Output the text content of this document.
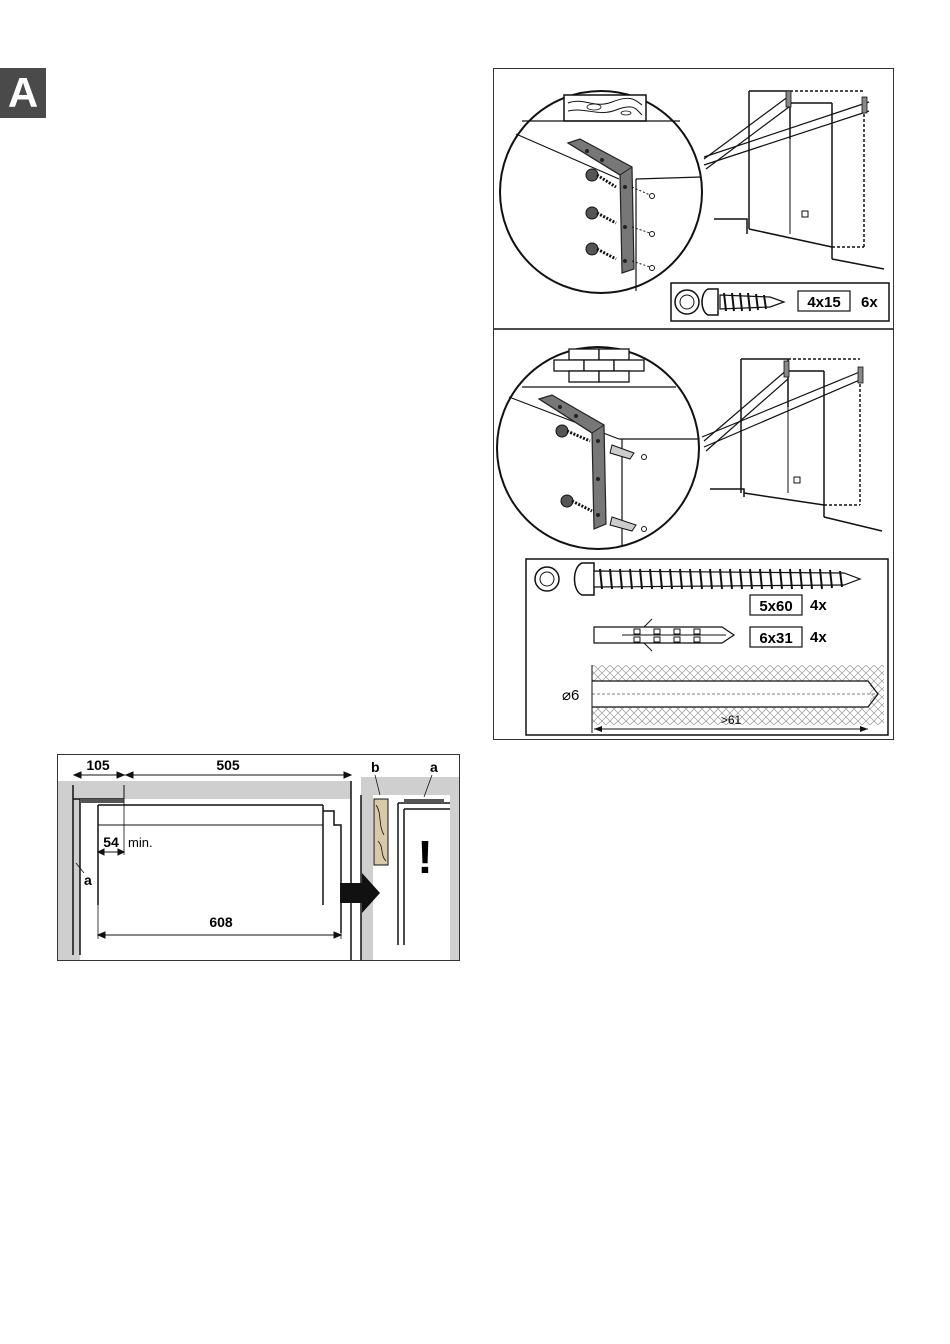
A
4x15 6x
5x60 4x
6x31 4x
⌀6
>61
105	505
54 min.
608
a
b	a
!
